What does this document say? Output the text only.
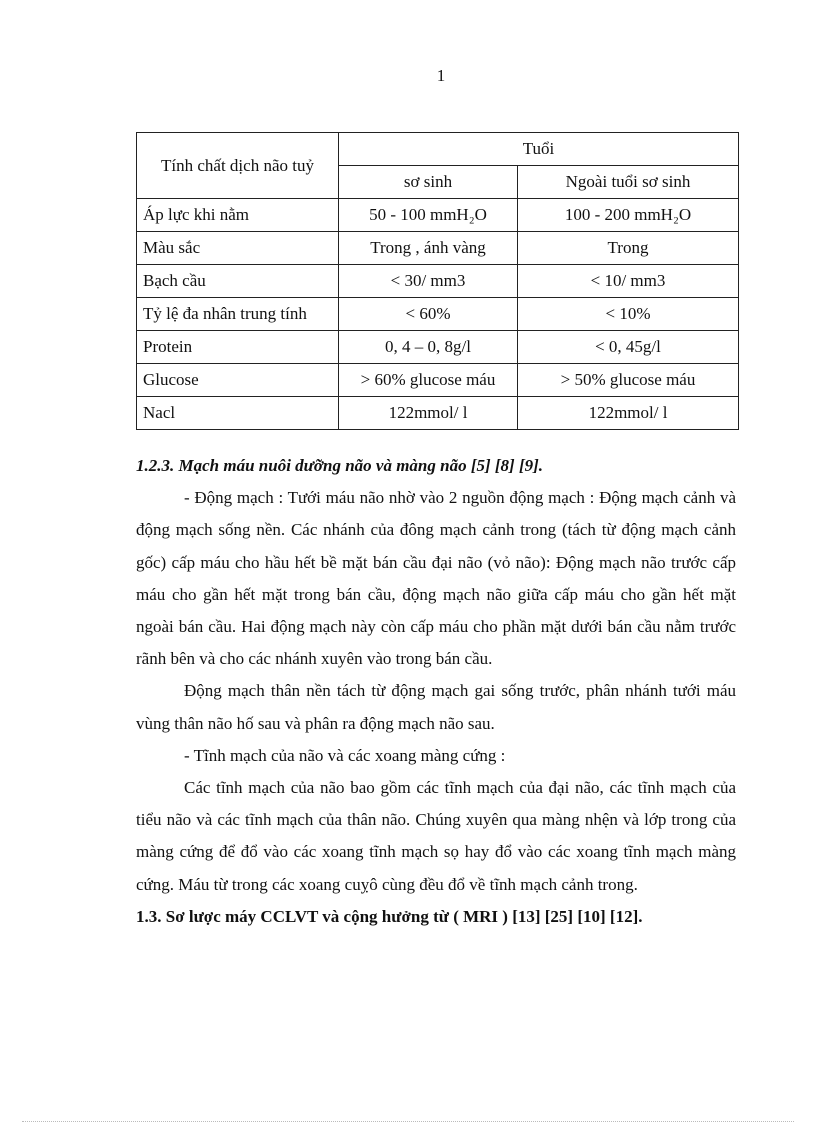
1
Tính chất dịch não tuỷ	Tuổi	
	sơ sinh	Ngoài tuổi sơ sinh
Áp lực khi nằm	50 - 100 mmH₂O	100 - 200 mmH₂O
Màu sắc	Trong , ánh vàng	Trong
Bạch cầu	< 30/ mm3	< 10/ mm3
Tỷ lệ đa nhân trung tính	< 60%	< 10%
Protein	0, 4 – 0, 8g/l	< 0, 45g/l
Glucose	> 60% glucose máu	> 50% glucose máu
Nacl	122mmol/ l	122mmol/ l

1.2.3. Mạch máu nuôi dưỡng não và màng não [5] [8] [9].

- Động mạch : Tưới máu não nhờ vào 2 nguồn động mạch : Động mạch cảnh và động mạch sống nền. Các nhánh của đông mạch cảnh trong (tách từ động mạch cảnh gốc) cấp máu cho hầu hết bề mặt bán cầu đại não (vỏ não): Động mạch não trước cấp máu cho gần hết mặt trong bán cầu, động mạch não giữa cấp máu cho gần hết mặt ngoài bán cầu. Hai động mạch này còn cấp máu cho phần mặt dưới bán cầu nằm trước rãnh bên và cho các nhánh xuyên vào trong bán cầu.

Động mạch thân nền tách từ động mạch gai sống trước, phân nhánh tưới máu vùng thân não hố sau và phân ra động mạch não sau.

- Tĩnh mạch của não và các xoang màng cứng :

Các tĩnh mạch của não bao gồm các tĩnh mạch của đại não, các tĩnh mạch của tiểu não và các tĩnh mạch của thân não. Chúng xuyên qua màng nhện và lớp trong của màng cứng để đổ vào các xoang tĩnh mạch sọ hay đổ vào các xoang tĩnh mạch màng cứng. Máu từ trong các xoang cuỵô cùng đều đổ về tĩnh mạch cảnh trong.

1.3. Sơ lược máy CCLVT và cộng hưởng từ ( MRI ) [13] [25] [10] [12].
